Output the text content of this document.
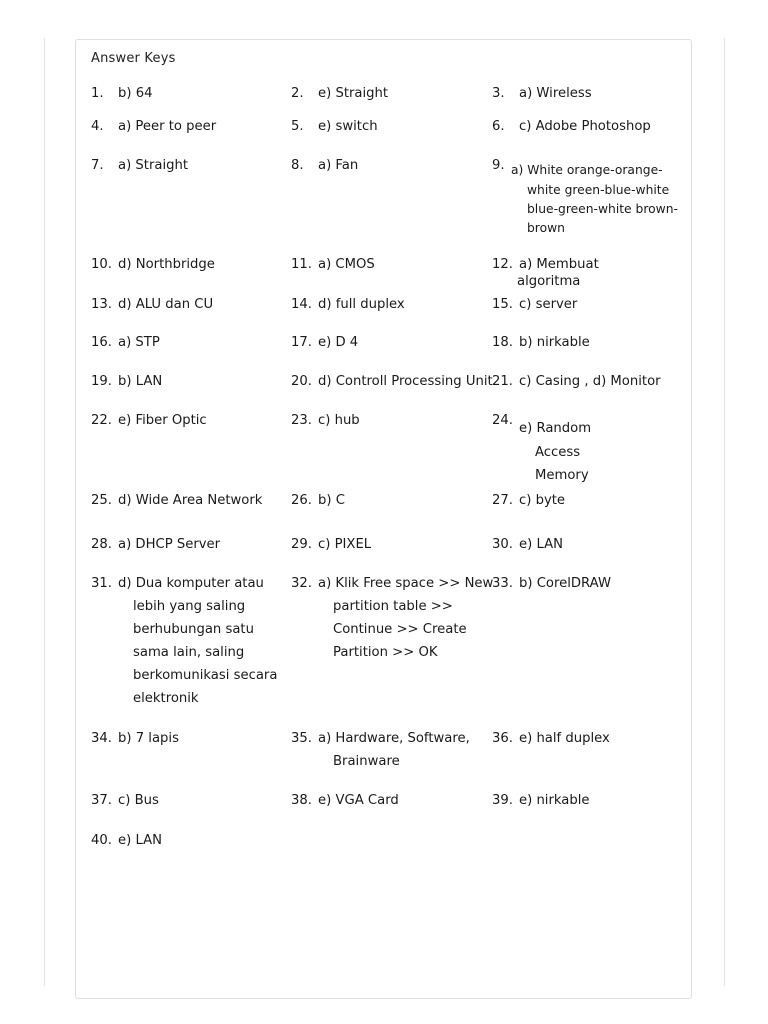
Answer Keys
1. b) 64	2. e) Straight	3. a) Wireless
4. a) Peer to peer	5. e) switch	6. c) Adobe Photoshop
7. a) Straight	8. a) Fan	9. a) White orange-orange-

white green-blue-white
blue-green-white brown-
brown
10. d) Northbridge	11. a) CMOS	12. a) Membuat

algoritma
13. d) ALU dan CU	14. d) full duplex	15. c) server
16. a) STP	17. e) D 4	18. b) nirkable
19. b) LAN	20. d) Controll Processing Unit 21. c) Casing , d) Monitor
22. e) Fiber Optic	23. c) hub	24.
e) Random

Access
Memory
25. d) Wide Area Network 26. b) C	27. c) byte
28. a) DHCP Server	29. c) PIXEL	30. e) LAN
31. d) Dua komputer atau

lebih yang saling
berhubungan satu
sama lain, saling
berkomunikasi secara
elektronik
32. a) Klik Free space >> New

partition table >>
Continue >> Create
Partition >> OK
33. b) CorelDRAW
34. b) 7 lapis	35. a) Hardware, Software,

Brainware
36. e) half duplex
37. c) Bus	38. e) VGA Card	39. e) nirkable
40. e) LAN
